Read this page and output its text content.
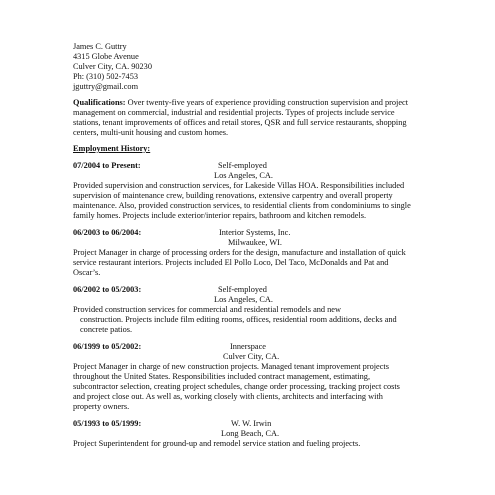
James C. Guttry
4315 Globe Avenue
Culver City, CA. 90230
Ph: (310) 502-7453
jguttry@gmail.com
Qualifications: Over twenty-five years of experience providing construction supervision and project management on commercial, industrial and residential projects. Types of projects include service stations, tenant improvements of offices and retail stores, QSR and full service restaurants, shopping centers, multi-unit housing and custom homes.
Employment History:
07/2004 to Present:	Self-employed
Los Angeles, CA.

Provided supervision and construction services, for Lakeside Villas HOA. Responsibilities included supervision of maintenance crew, building renovations, extensive carpentry and overall property maintenance. Also, provided construction services, to residential clients from condominiums to single family homes. Projects include exterior/interior repairs, bathroom and kitchen remodels.

06/2003 to 06/2004:	Interior Systems, Inc.
Milwaukee, WI.

Project Manager in charge of processing orders for the design, manufacture and installation of quick service restaurant interiors. Projects included El Pollo Loco, Del Taco, McDonalds and Pat and Oscar’s.

06/2002 to 05/2003:	Self-employed
Los Angeles, CA.

Provided construction services for commercial and residential remodels and new
construction. Projects include film editing rooms, offices, residential room additions, decks and concrete patios.

06/1999 to 05/2002:	Innerspace
Culver City, CA.

Project Manager in charge of new construction projects. Managed tenant improvement projects throughout the United States. Responsibilities included contract management, estimating, subcontractor selection, creating project schedules, change order processing, tracking project costs and project close out. As well as, working closely with clients, architects and interfacing with property owners.

05/1993 to 05/1999:	W. W. Irwin
Long Beach, CA.

Project Superintendent for ground-up and remodel service station and fueling projects.
